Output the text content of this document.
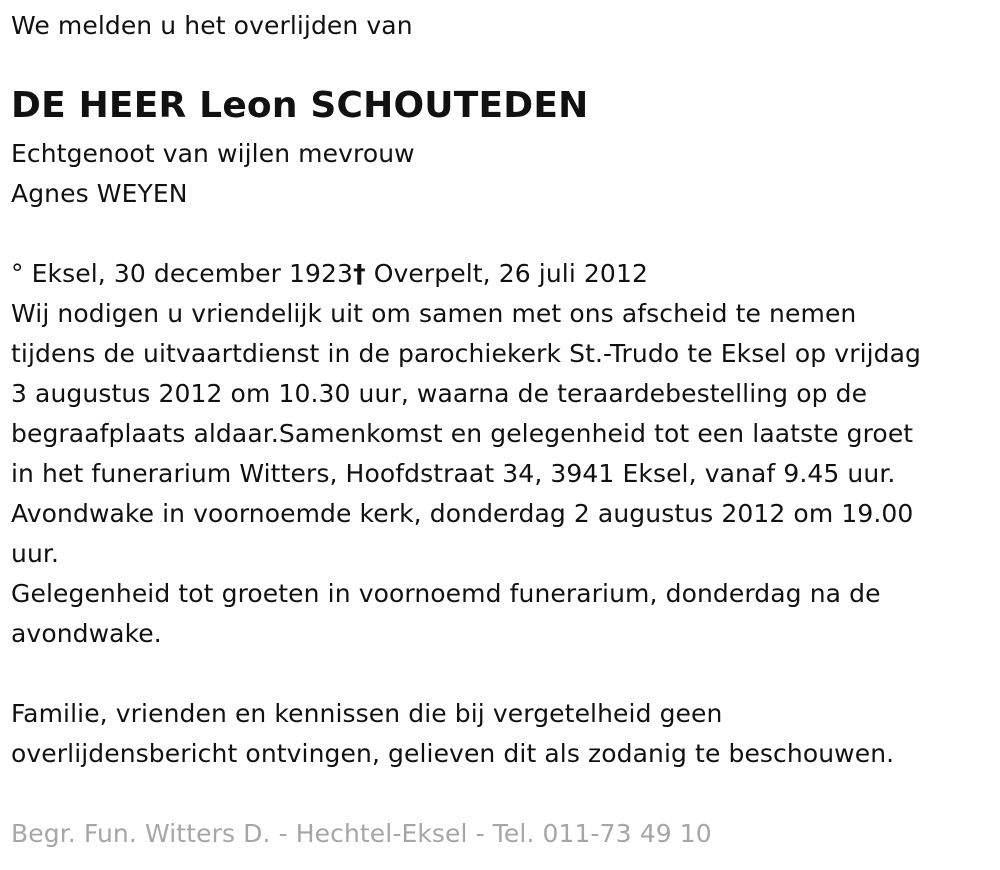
We melden u het overlijden van
DE HEER Leon SCHOUTEDEN
Echtgenoot van wijlen mevrouw
Agnes WEYEN
° Eksel, 30 december 1923† Overpelt, 26 juli 2012
Wij nodigen u vriendelijk uit om samen met ons afscheid te nemen
tijdens de uitvaartdienst in de parochiekerk St.-Trudo te Eksel op vrijdag
3 augustus 2012 om 10.30 uur, waarna de teraardebestelling op de
begraafplaats aldaar.Samenkomst en gelegenheid tot een laatste groet
in het funerarium Witters, Hoofdstraat 34, 3941 Eksel, vanaf 9.45 uur.
Avondwake in voornoemde kerk, donderdag 2 augustus 2012 om 19.00
uur.
Gelegenheid tot groeten in voornoemd funerarium, donderdag na de
avondwake.
Familie, vrienden en kennissen die bij vergetelheid geen
overlijdensbericht ontvingen, gelieven dit als zodanig te beschouwen.
Begr. Fun. Witters D. - Hechtel-Eksel - Tel. 011-73 49 10
